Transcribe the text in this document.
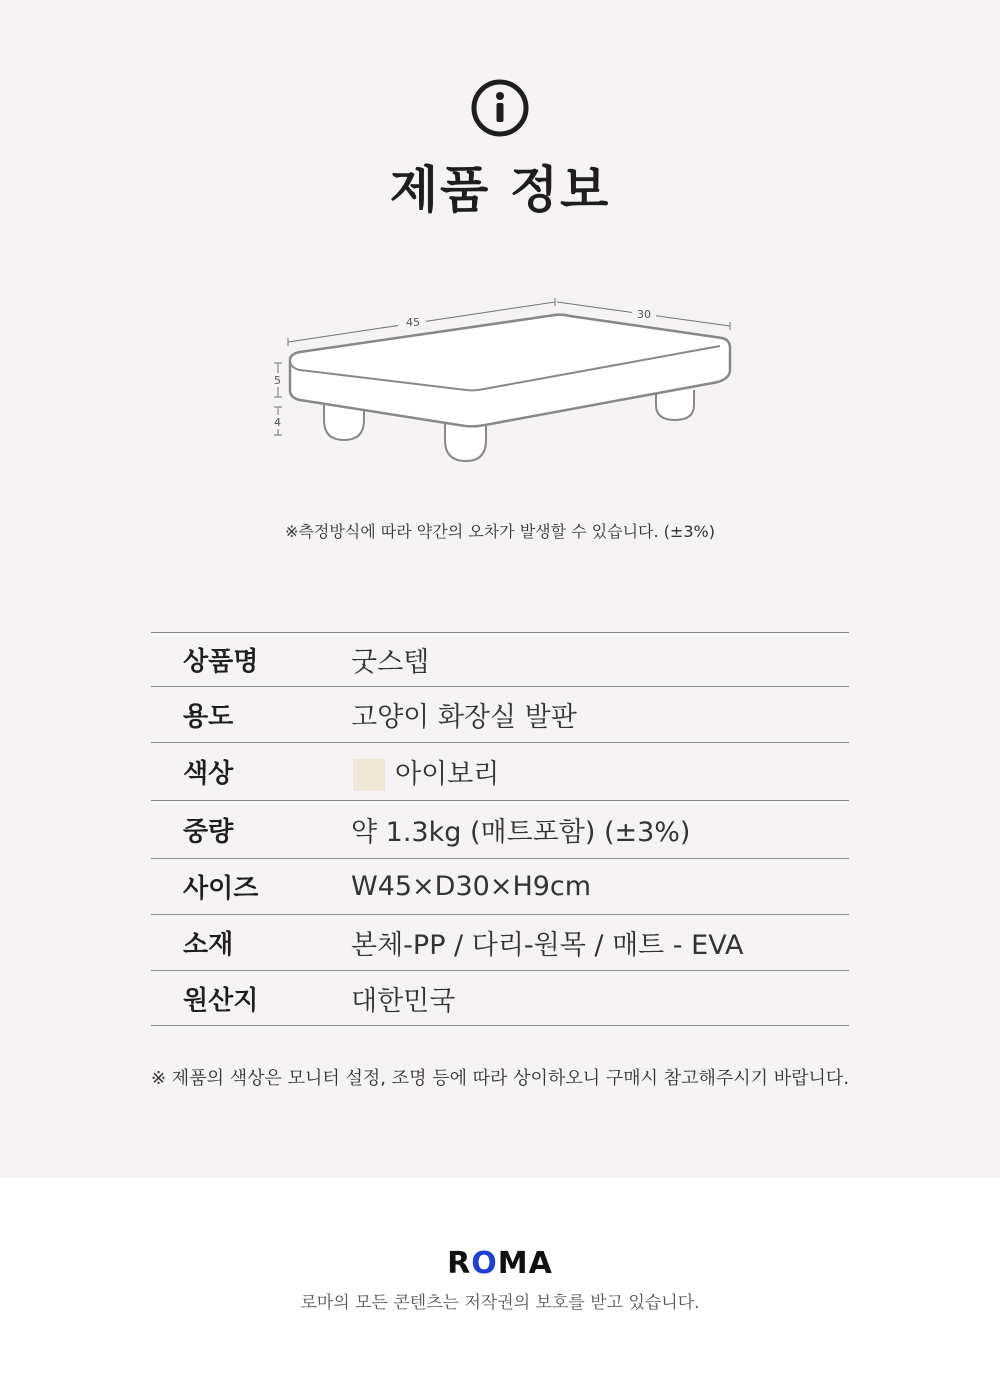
제품 정보
45
30
5
4
※측정방식에 따라 약간의 오차가 발생할 수 있습니다. (±3%)
상품명	굿스텝

용도	고양이 화장실 발판

색상	아이보리

중량	약 1.3kg (매트포함) (±3%)

사이즈	W45×D30×H9cm

소재	본체-PP / 다리-원목 / 매트 - EVA

원산지	대한민국
※ 제품의 색상은 모니터 설정, 조명 등에 따라 상이하오니 구매시 참고해주시기 바랍니다.
ROMA
로마의 모든 콘텐츠는 저작권의 보호를 받고 있습니다.
